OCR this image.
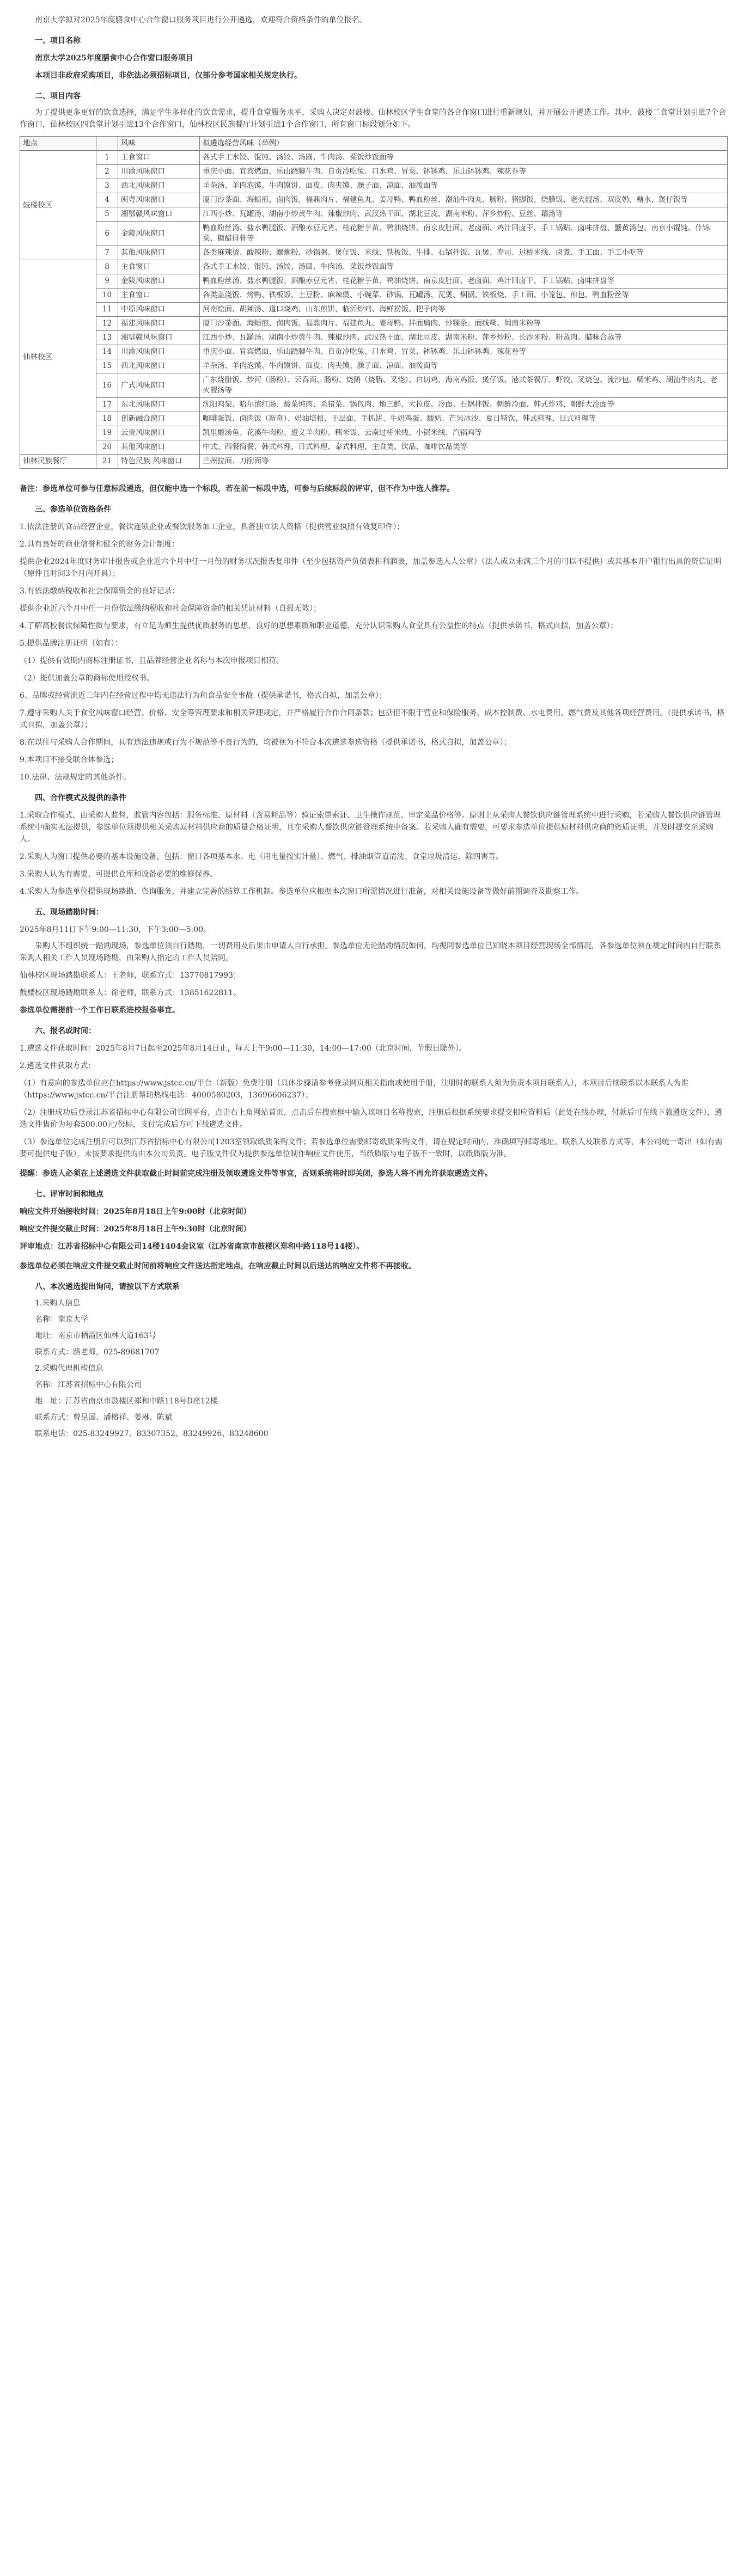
南京大学拟对2025年度膳食中心合作窗口服务项目进行公开遴选，欢迎符合资格条件的单位报名。

一、项目名称

南京大学2025年度膳食中心合作窗口服务项目

本项目非政府采购项目，非依法必须招标项目，仅部分参考国家相关规定执行。

二、项目内容

为了提供更多更好的饮食选择，满足学生多样化的饮食需求，提升食堂服务水平，采购人决定对鼓楼、仙林校区学生食堂的各合作窗口进行重新规划，并开展公开遴选工作。其中，鼓楼二食堂计划引进7个合作窗口，仙林校区四食堂计划引进13个合作窗口，仙林校区民族餐厅计划引进1个合作窗口，所有窗口标段划分如下。

地点		风味	拟遴选经营风味（举例）
鼓楼校区	1	主食窗口	各式手工水饺、馄饨、汤饺、汤圆、牛肉汤、菜饭炒饭面等
	2	川渝风味窗口	重庆小面、宜宾燃面、乐山跷脚牛肉、自贡冷吃兔、口水鸡、冒菜、钵钵鸡、乐山钵钵鸡、辣花卷等
	3	西北风味窗口	羊杂汤、羊肉泡馍、牛肉馍饼、面皮、肉夹馍、臊子面、凉面、油泼面等
	4	闽粤风味窗口	厦门沙茶面、海蛎煎、卤肉饭、福鼎肉片、福建鱼丸、姜母鸭、鸭血粉丝、潮汕牛肉丸、肠粉、猪脚饭、烧腊饭、老火靓汤、双皮奶、糖水、煲仔饭等
	5	湘鄂赣风味窗口	江西小炒、瓦罐汤、湖南小炒黄牛肉、辣椒炒肉、武汉热干面、湖北豆皮、湖南米粉、萍乡炒粉、豆丝、藕汤等
	6	金陵风味窗口	鸭血粉丝汤、盐水鸭腿饭、酒酿赤豆元宵、桂花糖芋苗、鸭油烧饼、南京皮肚面、老卤面、鸡汁回卤干、手工锅贴、卤味拼盘、蟹黄汤包、南京小馄饨、什锦菜、糖醋排骨等
	7	其他风味窗口	各类麻辣烫、酸辣粉、螺蛳粉、砂锅粥、煲仔饭、米线、铁板饭、牛排、石锅拌饭、瓦煲、寿司、过桥米线、卤煮、手工面、手工小吃等
仙林校区	8	主食窗口	各式手工水饺、馄饨、汤饺、汤圆、牛肉汤、菜饭炒饭面等
	9	金陵风味窗口	鸭血粉丝汤、盐水鸭腿饭、酒酿赤豆元宵、桂花糖芋苗、鸭油烧饼、南京皮肚面、老卤面、鸡汁回卤干、手工锅贴、卤味拼盘等
	10	主食窗口	各类盖浇饭、烤鸭、铁板饭、土豆粉、麻辣烫、小碗菜、砂锅、瓦罐汤、瓦煲、焖锅、铁板烧、手工面、小笼包、煎包、鸭血粉丝等
	11	中原风味窗口	河南烩面、胡辣汤、道口烧鸡、山东煎饼、临沂炒鸡、海鲜捞饭、把子肉等
	12	福建风味窗口	厦门沙茶面、海蛎煎、卤肉饭、福鼎肉片、福建鱼丸、姜母鸭、拌面扁肉、炒粿条、面线糊、闽南米粉等
	13	湘鄂赣风味窗口	江西小炒、瓦罐汤、湖南小炒黄牛肉、辣椒炒肉、武汉热干面、湖北豆皮、湖南米粉、萍乡炒粉、长沙米粉、粉蒸肉、腊味合蒸等
	14	川渝风味窗口	重庆小面、宜宾燃面、乐山跷脚牛肉、自贡冷吃兔、口水鸡、冒菜、钵钵鸡、乐山钵钵鸡、辣花卷等
	15	西北风味窗口	羊杂汤、羊肉泡馍、牛肉馍饼、面皮、肉夹馍、臊子面、凉面、油泼面等
	16	广式风味窗口	广东烧腊饭、炒河（肠粉）、云吞面、肠粉、烧鹅（烧腊、叉烧）、白切鸡、海南鸡饭、煲仔饭、港式茶餐厅、虾饺、叉烧包、流沙包、糯米鸡、潮汕牛肉丸、老火靓汤等
	17	东北风味窗口	沈阳鸡架、哈尔滨红肠、酸菜炖肉、杀猪菜、锅包肉、地三鲜、大拉皮、冷面、石锅拌饭、朝鲜冷面、韩式炸鸡、朝鲜大冷面等
	18	创新融合窗口	咖啡蛋饭、卤肉饭（新奇）、奶油培根、于层面、手抓饼、牛奶鸡蛋、酸奶、芒果冰沙、夏日特饮、韩式料理、日式料理等
	19	云贵风味窗口	凯里酸汤鱼、花溪牛肉粉、遵义羊肉粉、糯米饭、云南过桥米线、小锅米线、汽锅鸡等
	20	其他风味窗口	中式、西餐简餐、韩式料理、日式料理、泰式料理、主食类、饮品、咖啡饮品类等
仙林民族餐厅	21	特色民族 风味窗口	兰州拉面、刀削面等

备注：参选单位可参与任意标段遴选，但仅能中选一个标段，若在前一标段中选，可参与后续标段的评审，但不作为中选人推荐。

三、参选单位资格条件

1.依法注册的食品经营企业，餐饮连锁企业或餐饮服务加工企业，具备独立法人资格（提供营业执照有效复印件）；

2.具有良好的商业信誉和健全的财务会计制度：

提供企业2024年度财务审计报告或企业近六个月中任一月份的财务状况报告复印件（至少包括资产负债表和利润表，加盖参选人人公章）（法人成立未满三个月的可以不提供）或其基本开户银行出具的资信证明（原件且时间3个月内开具）；

3.有依法缴纳税收和社会保障资金的良好记录：

提供企业近六个月中任一月份依法缴纳税收和社会保障资金的相关凭证材料（自报无效）；

4.了解高校餐饮保障性质与要求，有立足为师生提供优质服务的思想，良好的思想素质和职业道德，充分认识采购人食堂具有公益性的特点（提供承诺书，格式自拟，加盖公章）；

5.提供品牌注册证明（如有）：

（1）提供有效期内商标注册证书，且品牌经营企业名称与本次申报项目相符。

（2）提供加盖公章的商标使用授权书。

6、品牌或经营流近三年内在经营过程中均无违法行为和食品安全事故（提供承诺书，格式自拟，加盖公章）；

7.遵守采购人关于食堂风味窗口经营、价格、安全等管理要求和相关管理规定，并严格履行合作合同条款；包括但不限于营业和保险服务、成本控制费、水电费用、燃气费及其他各项经营费用。（提供承诺书，格式自拟，加盖公章）；

8.在以往与采购人合作期间，具有违法违规或行为不规范等不良行为的，均被视为不符合本次遴选参选资格（提供承诺书，格式自拟，加盖公章）；

9.本项目不接受联合体参选；

10.法律、法规规定的其他条件。

四、合作模式及提供的条件

1.采取合作模式，由采购人监督，监管内容包括：服务标准、原材料（含易耗品等）验证索票索证、卫生操作规范、审定菜品价格等。原则上从采购人餐饮供应链管理系统中进行采购，若采购人餐饮供应链管理系统中确实无法提供，参选单位须提供相关采购原材料供应商的质量合格证明，且在采购人餐饮供应链管理系统中备案。若采购人确有需要，可要求参选单位提供原材料供应商的资质证明，并及时提交至采购人。

2.采购人为窗口提供必要的基本设施设备，包括：窗口各项基本水、电（用电量按实计量）、燃气、排油烟管道清洗、食堂垃圾清运、除四害等。

3.采购人认为有需要，可提供仓库和设备必要的维修保养。

4.采购人为参选单位提供现场踏勘、咨询服务，并建立完善的结算工作机制。参选单位应根据本次窗口所需情况进行准备，对相关设施设备等做好前期调查及勘察工作。

五、现场踏勘时间：

2025年8月11日下午9:00—11:30，下午3:00—5:00。

采购人不组织统一踏勘现场，参选单位须自行踏勘，一切费用及后果由申请人自行承担。参选单位无论踏勘情况如何，均视同参选单位已知晓本项目经营现场全部情况，各参选单位须在规定时间内自行联系采购人相关工作人员现场踏勘，由采购人指定的工作人员陪同。

仙林校区现场踏勘联系人：王老师，联系方式：13770817993；

鼓楼校区现场踏勘联系人：徐老师，联系方式：13851622811。

参选单位需提前一个工作日联系进校报备事宜。

六、报名或时间：

1.遴选文件获取时间：2025年8月7日起至2025年8月14日止，每天上午9:00—11:30，14:00—17:00（北京时间，节假日除外）。

2.遴选文件获取方式：

（1）有意向的参选单位应在https://www.jstcc.cn/平台（新版）免费注册（具体步骤请参考登录网页相关指南或使用手册，注册时的联系人须为负责本项目联系人），本项目后续联系以本联系人为准（https://www.jstcc.cn/平台注册帮助热线电话：4000580203，13696606237）；

（2）注册成功后登录江苏省招标中心有限公司官网平台，点击右上角网站首页，点击后在搜索框中输入该项目名称搜索，注册后根据系统要求提交相应资料后（此处在线办理，付款后可在线下载遴选文件），遴选文件售价为每套500.00元/份标，支付完成后方可下载遴选文件。

（3）参选单位完成注册后可以到江苏省招标中心有限公司1203室领取纸质采购文件；若参选单位需要邮寄纸质采购文件，请在规定时间内，准确填写邮寄地址、联系人及联系方式等，本公司统一寄出（如有需要可提供电子版），未按要求提供的由本公司负责。电子版文件仅为提供参选单位制作响应文件使用，当纸质版与电子版不一致时，以纸质版为准。

提醒：参选人必须在上述遴选文件获取截止时间前完成注册及领取遴选文件等事宜，否则系统将时即关闭，参选人将不再允许获取遴选文件。

七、评审时间和地点

响应文件开始接收时间：2025年8月18日上午9:00时（北京时间）

响应文件提交截止时间：2025年8月18日上午9:30时（北京时间）

评审地点：江苏省招标中心有限公司14楼1404会议室（江苏省南京市鼓楼区郑和中路118号14楼）。

参选单位必须在响应文件提交截止时间前将响应文件送达指定地点，在响应截止时间以后送达的响应文件将不再接收。

八、本次遴选提出询问，请按以下方式联系

1.采购人信息

名称：南京大学

地址：南京市栖霞区仙林大道163号

联系方式：路老师，025-89681707

2.采购代理机构信息

名称：江苏省招标中心有限公司

地　址：江苏省南京市鼓楼区郑和中路118号D座12楼

联系方式：曾昆国、潘榕祥、姜琳、陈斌

联系电话：025-83249927、83307352、83249926、83248600
